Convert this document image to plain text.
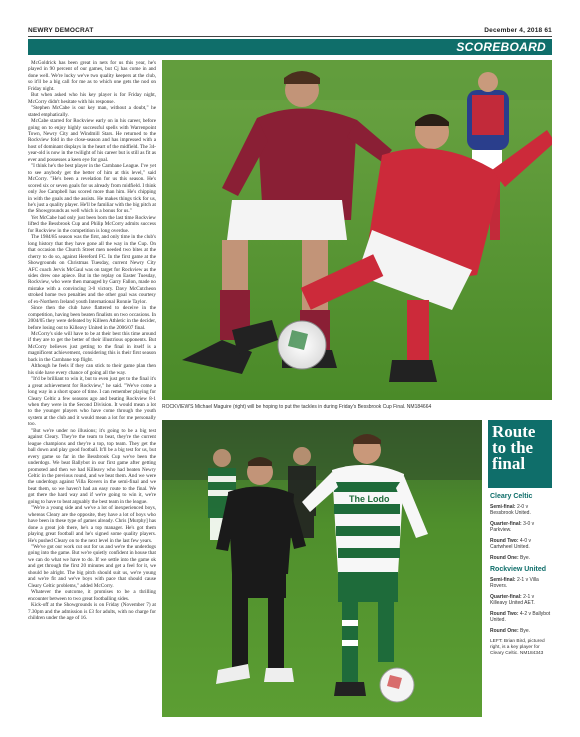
NEWRY DEMOCRAT	December 4, 2018 61
SCOREBOARD

McGoldrick has been great in nets for us this year, he's played in 90 percent of our games, but Cj has come in and done well. We're lucky we've two quality keepers at the club, so it'll be a big call for me as to which one gets the nod on Friday night.

But when asked who his key player is for Friday night, McCorry didn't hesitate with his response.

"Stephen McCabe is our key man, without a doubt," he stated emphatically.

McCabe starred for Rockview early on in his career, before going on to enjoy highly successful spells with Warrenpoint Town, Newry City and Windmill Stars. He returned to the Rockview fold in the close-season and has impressed with a host of dominant displays in the heart of the midfield. The 34-year-old is now in the twilight of his career but is still as fit as ever and possesses a keen eye for goal.

"I think he's the best player in the Carnbane League. I've yet to see anybody get the better of him at this level," said McCorry. "He's been a revelation for us this season. He's scored six or seven goals for us already from midfield. I think only Joe Campbell has scored more than him. He's chipping in with the goals and the assists. He makes things tick for us, he's just a quality player. He'll be familiar with the big pitch at the Showgrounds as well which is a bonus for us."

Yet McCabe had only just been born the last time Rockview lifted the Bessbrook Cup and Philip McCorry admits success for Rockview in the competition is long overdue.

The 1984/85 season was the first, and only time in the club's long history that they have gone all the way in the Cup. On that occasion the Church Street men needed two bites at the cherry to do so, against Hereford FC. In the first game at the Showgrounds on Christmas Tuesday, current Newry City AFC coach Jervis McGaul was on target for Rockview as the sides drew one apiece. But in the replay on Easter Tuesday, Rockview, who were then managed by Garry Fallon, made no mistake with a convincing 3-0 victory. Davy McCutcheon stroked home two penalties and the other goal was courtesy of ex-Northern Ireland youth International Ronnie Taylor.

Since then the club have flattered to deceive in the competition, having been beaten finalists on two occasions. In 2004/05 they were defeated by Killeen Athletic in the decider, before losing out to Killeavy United in the 2006/07 final.

McCorry's side will have to be at their best this time around if they are to get the better of their illustrious opponents. But McCorry believes just getting to the final in itself is a magnificent achievement, considering this is their first season back in the Carnbane top flight.

Although he feels if they can stick to their game plan then his side have every chance of going all the way.

"It'd be brilliant to win it, but to even just get to the final it's a great achievement for Rockview," he said. "We've come a long way in a short space of time. I can remember playing for Cleary Celtic a few seasons ago and beating Rockview 8-1 when they were in the Second Division. It would mean a lot to the younger players who have come through the youth system at the club and it would mean a lot for me personally too.

"But we're under no illusions; it's going to be a big test against Cleary. They're the team to beat, they're the current league champions and they're a top, top team. They get the ball down and play good football. It'll be a big test for us, but every game so far in the Bessbrook Cup we've been the underdogs. We beat Ballybot in our first game after getting promoted and then we had Killeavy who had beaten Newry Celtic in the previous round, and we beat them. And we were the underdogs against Villa Rovers in the semi-final and we beat them, so we haven't had an easy route to the final. We got there the hard way and if we're going to win it, we're going to have to beat arguably the best team in the league.

"We're a young side and we've a lot of inexperienced boys, whereas Cleary are the opposite, they have a lot of boys who have been in these type of games already. Chris [Murphy] has done a great job there, he's a top manager. He's got them playing great football and he's signed some quality players. He's pushed Cleary on to the next level in the last few years.

"We've got our work cut out for us and we're the underdogs going into the game. But we're quietly confident in house that we can do what we have to do. If we settle into the game ok and get through the first 20 minutes and get a feel for it, we should be alright. The big pitch should suit us, we're young and we're fit and we've boys with pace that should cause Cleary Celtic problems," added McCorry.

Whatever the outcome, it promises to be a thrilling encounter between to two great footballing sides.

Kick-off at the Showgrounds is on Friday (November 7) at 7.30pm and the admission is £3 for adults, with no charge for children under the age of 16.

ROCKVIEW'S Michael Maguire (right) will be hoping to put the tackles in during Friday's Bessbrook Cup Final. NM184664
The Lodo
Route
to the
final
Cleary Celtic
Semi-final: 2-0 v Bessbrook United.
Quarter-final: 3-0 v Parkview.
Round Two: 4-0 v Cartwheel United.
Round One: Bye.
Rockview United
Semi-final: 2-1 v Villa Rovers.
Quarter-final: 2-1 v Killeavy United AET.
Round Two: 4-2 v Ballybot United.
Round One: Bye.
LEFT: Brian Bird, pictured right, is a key player for Cleary Celtic. NM184343
